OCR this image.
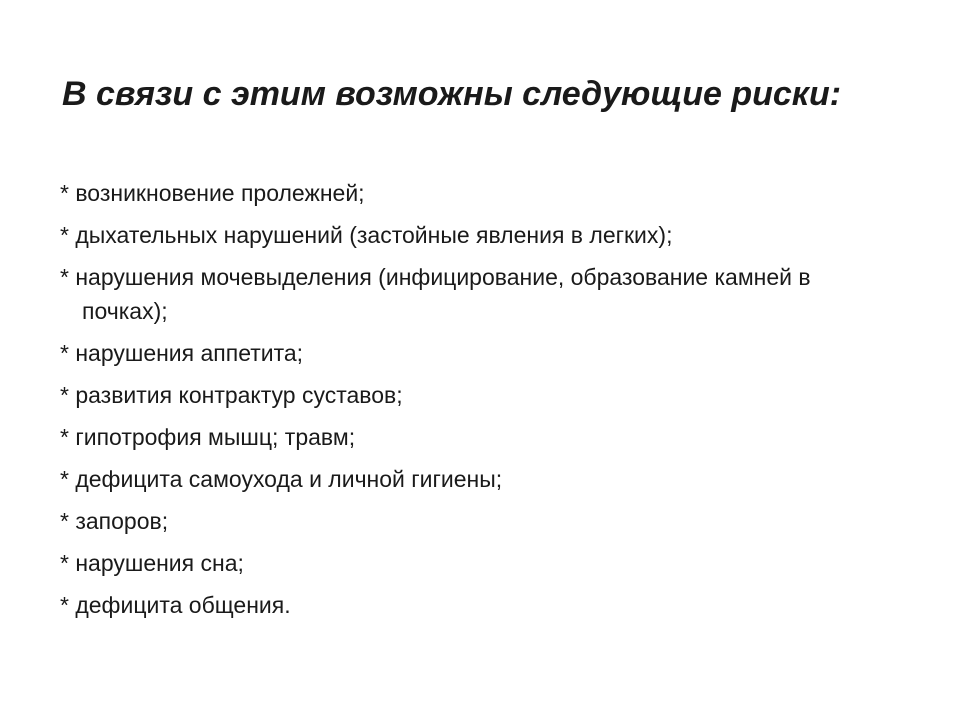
В связи с этим возможны следующие риски:
* возникновение пролежней;
* дыхательных нарушений (застойные явления в легких);
* нарушения мочевыделения (инфицирование, образование камней в почках);
* нарушения аппетита;
* развития контрактур суставов;
* гипотрофия мышц; травм;
* дефицита самоухода и личной гигиены;
* запоров;
* нарушения сна;
* дефицита общения.
